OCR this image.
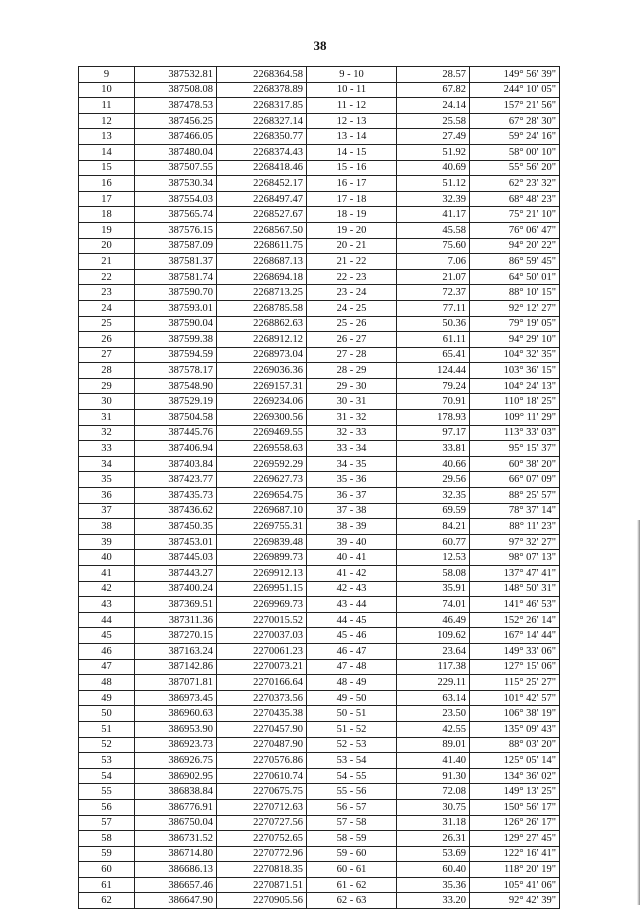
38
9	387532.81	2268364.58	9 - 10	28.57	149° 56' 39"
10	387508.08	2268378.89	10 - 11	67.82	244° 10' 05"
11	387478.53	2268317.85	11 - 12	24.14	157° 21' 56"
12	387456.25	2268327.14	12 - 13	25.58	67° 28' 30"
13	387466.05	2268350.77	13 - 14	27.49	59° 24' 16"
14	387480.04	2268374.43	14 - 15	51.92	58° 00' 10"
15	387507.55	2268418.46	15 - 16	40.69	55° 56' 20"
16	387530.34	2268452.17	16 - 17	51.12	62° 23' 32"
17	387554.03	2268497.47	17 - 18	32.39	68° 48' 23"
18	387565.74	2268527.67	18 - 19	41.17	75° 21' 10"
19	387576.15	2268567.50	19 - 20	45.58	76° 06' 47"
20	387587.09	2268611.75	20 - 21	75.60	94° 20' 22"
21	387581.37	2268687.13	21 - 22	7.06	86° 59' 45"
22	387581.74	2268694.18	22 - 23	21.07	64° 50' 01"
23	387590.70	2268713.25	23 - 24	72.37	88° 10' 15"
24	387593.01	2268785.58	24 - 25	77.11	92° 12' 27"
25	387590.04	2268862.63	25 - 26	50.36	79° 19' 05"
26	387599.38	2268912.12	26 - 27	61.11	94° 29' 10"
27	387594.59	2268973.04	27 - 28	65.41	104° 32' 35"
28	387578.17	2269036.36	28 - 29	124.44	103° 36' 15"
29	387548.90	2269157.31	29 - 30	79.24	104° 24' 13"
30	387529.19	2269234.06	30 - 31	70.91	110° 18' 25"
31	387504.58	2269300.56	31 - 32	178.93	109° 11' 29"
32	387445.76	2269469.55	32 - 33	97.17	113° 33' 03"
33	387406.94	2269558.63	33 - 34	33.81	95° 15' 37"
34	387403.84	2269592.29	34 - 35	40.66	60° 38' 20"
35	387423.77	2269627.73	35 - 36	29.56	66° 07' 09"
36	387435.73	2269654.75	36 - 37	32.35	88° 25' 57"
37	387436.62	2269687.10	37 - 38	69.59	78° 37' 14"
38	387450.35	2269755.31	38 - 39	84.21	88° 11' 23"
39	387453.01	2269839.48	39 - 40	60.77	97° 32' 27"
40	387445.03	2269899.73	40 - 41	12.53	98° 07' 13"
41	387443.27	2269912.13	41 - 42	58.08	137° 47' 41"
42	387400.24	2269951.15	42 - 43	35.91	148° 50' 31"
43	387369.51	2269969.73	43 - 44	74.01	141° 46' 53"
44	387311.36	2270015.52	44 - 45	46.49	152° 26' 14"
45	387270.15	2270037.03	45 - 46	109.62	167° 14' 44"
46	387163.24	2270061.23	46 - 47	23.64	149° 33' 06"
47	387142.86	2270073.21	47 - 48	117.38	127° 15' 06"
48	387071.81	2270166.64	48 - 49	229.11	115° 25' 27"
49	386973.45	2270373.56	49 - 50	63.14	101° 42' 57"
50	386960.63	2270435.38	50 - 51	23.50	106° 38' 19"
51	386953.90	2270457.90	51 - 52	42.55	135° 09' 43"
52	386923.73	2270487.90	52 - 53	89.01	88° 03' 20"
53	386926.75	2270576.86	53 - 54	41.40	125° 05' 14"
54	386902.95	2270610.74	54 - 55	91.30	134° 36' 02"
55	386838.84	2270675.75	55 - 56	72.08	149° 13' 25"
56	386776.91	2270712.63	56 - 57	30.75	150° 56' 17"
57	386750.04	2270727.56	57 - 58	31.18	126° 26' 17"
58	386731.52	2270752.65	58 - 59	26.31	129° 27' 45"
59	386714.80	2270772.96	59 - 60	53.69	122° 16' 41"
60	386686.13	2270818.35	60 - 61	60.40	118° 20' 19"
61	386657.46	2270871.51	61 - 62	35.36	105° 41' 06"
62	386647.90	2270905.56	62 - 63	33.20	92° 42' 39"
